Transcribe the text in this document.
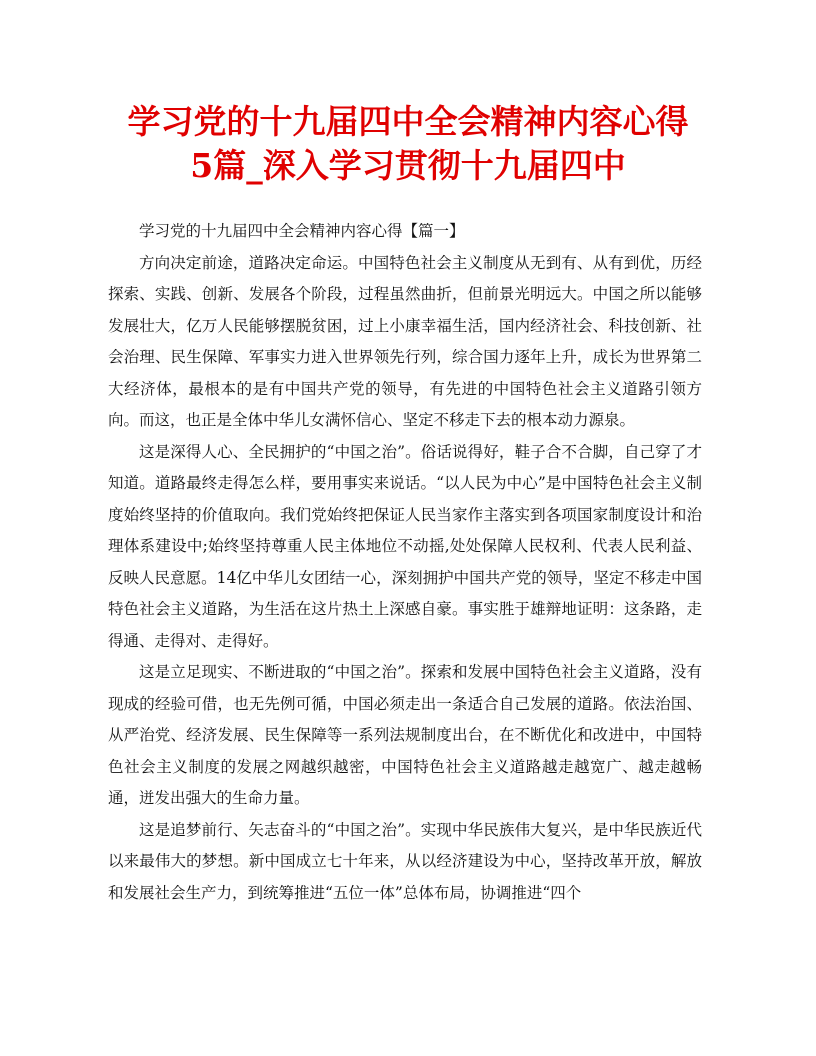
学习党的十九届四中全会精神内容心得
5篇_深入学习贯彻十九届四中

学习党的十九届四中全会精神内容心得【篇一】

方向决定前途，道路决定命运。中国特色社会主义制度从无到有、从有到优，历经探索、实践、创新、发展各个阶段，过程虽然曲折，但前景光明远大。中国之所以能够发展壮大，亿万人民能够摆脱贫困，过上小康幸福生活，国内经济社会、科技创新、社会治理、民生保障、军事实力进入世界领先行列，综合国力逐年上升，成长为世界第二大经济体，最根本的是有中国共产党的领导，有先进的中国特色社会主义道路引领方向。而这，也正是全体中华儿女满怀信心、坚定不移走下去的根本动力源泉。

这是深得人心、全民拥护的“中国之治”。俗话说得好，鞋子合不合脚，自己穿了才知道。道路最终走得怎么样，要用事实来说话。“以人民为中心”是中国特色社会主义制度始终坚持的价值取向。我们党始终把保证人民当家作主落实到各项国家制度设计和治理体系建设中;始终坚持尊重人民主体地位不动摇,处处保障人民权利、代表人民利益、反映人民意愿。14亿中华儿女团结一心，深刻拥护中国共产党的领导，坚定不移走中国特色社会主义道路，为生活在这片热土上深感自豪。事实胜于雄辩地证明：这条路，走得通、走得对、走得好。

这是立足现实、不断进取的“中国之治”。探索和发展中国特色社会主义道路，没有现成的经验可借，也无先例可循，中国必须走出一条适合自己发展的道路。依法治国、从严治党、经济发展、民生保障等一系列法规制度出台，在不断优化和改进中，中国特色社会主义制度的发展之网越织越密，中国特色社会主义道路越走越宽广、越走越畅通，迸发出强大的生命力量。

这是追梦前行、矢志奋斗的“中国之治”。实现中华民族伟大复兴，是中华民族近代以来最伟大的梦想。新中国成立七十年来，从以经济建设为中心，坚持改革开放，解放和发展社会生产力，到统筹推进“五位一体”总体布局，协调推进“四个
